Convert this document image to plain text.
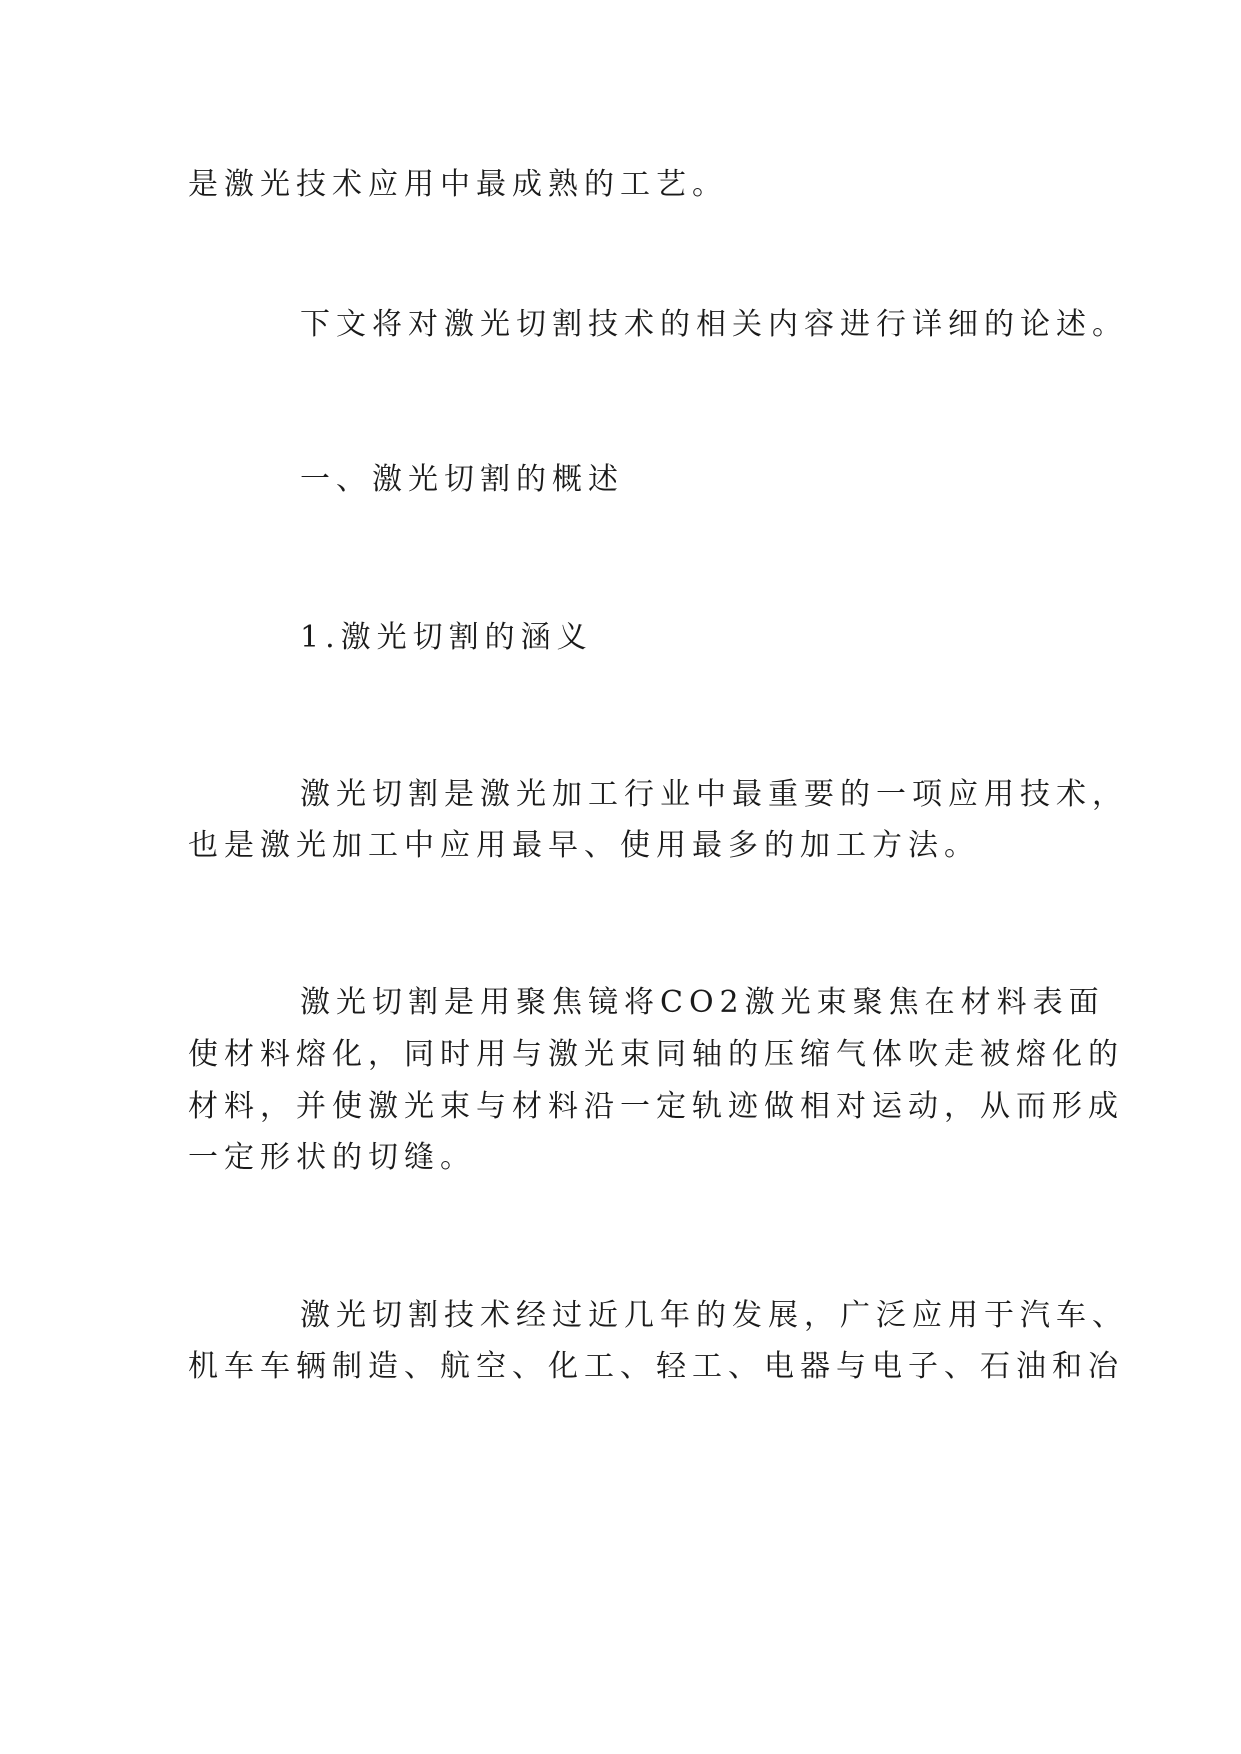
是激光技术应用中最成熟的工艺。

下文将对激光切割技术的相关内容进行详细的论述。

一、激光切割的概述

1.激光切割的涵义

激光切割是激光加工行业中最重要的一项应用技术，

也是激光加工中应用最早、使用最多的加工方法。

激光切割是用聚焦镜将CO2激光束聚焦在材料表面

使材料熔化，同时用与激光束同轴的压缩气体吹走被熔化的

材料，并使激光束与材料沿一定轨迹做相对运动，从而形成

一定形状的切缝。

激光切割技术经过近几年的发展，广泛应用于汽车、

机车车辆制造、航空、化工、轻工、电器与电子、石油和冶
